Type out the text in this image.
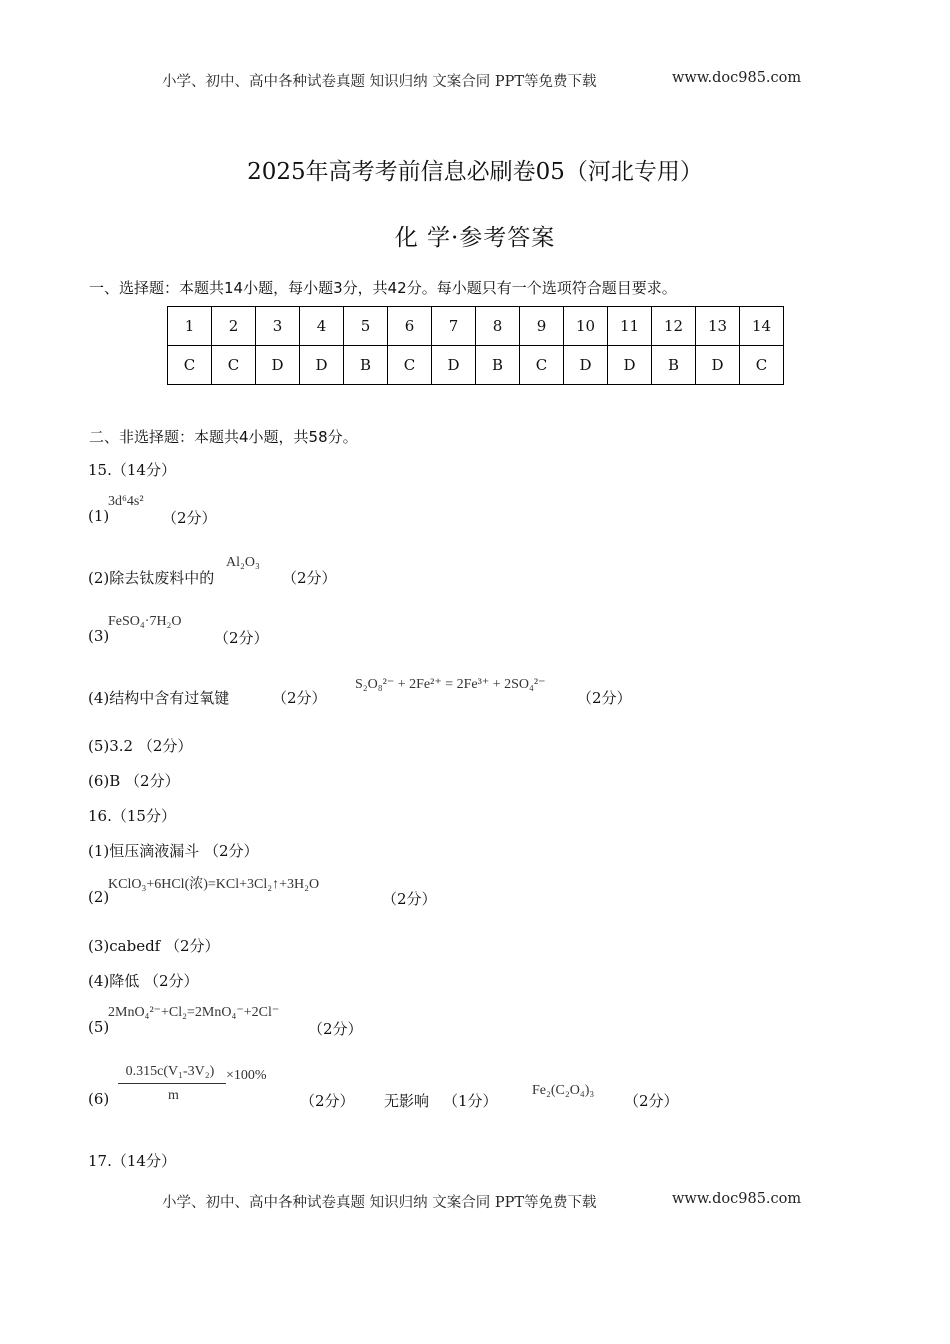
小学、初中、高中各种试卷真题 知识归纳 文案合同 PPT等免费下载	www.doc985.com
2025年高考考前信息必刷卷05（河北专用）
化 学·参考答案
一、选择题：本题共14小题，每小题3分，共42分。每小题只有一个选项符合题目要求。
1	2	3	4	5	6	7	8	9	10	11	12	13	14
C	C	D	D	B	C	D	B	C	D	D	B	D	C
二、非选择题：本题共4小题，共58分。
15.（14分）
(1)
3d⁶4s²
（2分）
(2)除去钛废料中的
Al₂O₃
（2分）
(3)
FeSO₄·7H₂O
（2分）
(4)结构中含有过氧键	（2分）
S₂O₈²⁻ + 2Fe²⁺ = 2Fe³⁺ + 2SO₄²⁻
（2分）
(5)3.2 （2分）
(6)B （2分）
16.（15分）
(1)恒压滴液漏斗 （2分）
(2)
KClO₃+6HCl(浓)=KCl+3Cl₂↑+3H₂O
（2分）
(3)cabedf （2分）
(4)降低 （2分）
(5)
2MnO₄²⁻+Cl₂=2MnO₄⁻+2Cl⁻
（2分）
$(6) \frac{\text{0.315c(V₁-3V₂)}}{m} \times 100\%$
（2分） 无影响 （1分）
Fe₂(C₂O₄)₃
（2分）
17.（14分）
小学、初中、高中各种试卷真题 知识归纳 文案合同 PPT等免费下载	www.doc985.com
